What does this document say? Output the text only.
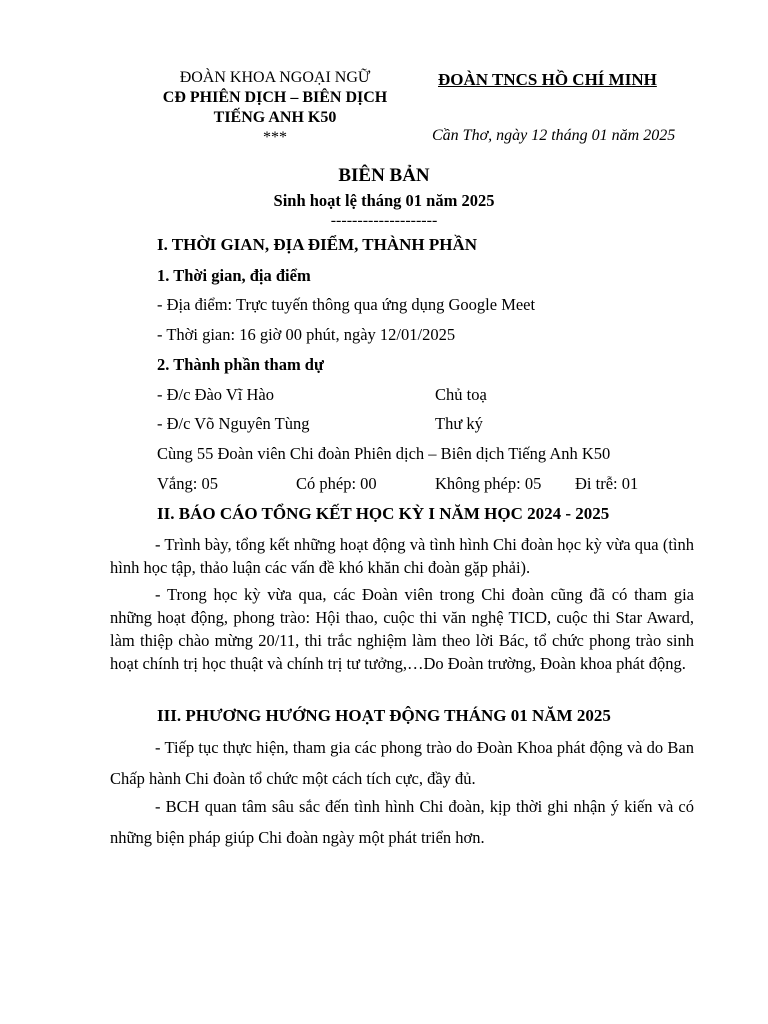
ĐOÀN KHOA NGOẠI NGỮ
CĐ PHIÊN DỊCH – BIÊN DỊCH
TIẾNG ANH K50
***
ĐOÀN TNCS HỒ CHÍ MINH
Cần Thơ, ngày 12 tháng 01 năm 2025
BIÊN BẢN
Sinh hoạt lệ tháng 01 năm 2025
--------------------
I. THỜI GIAN, ĐỊA ĐIỂM, THÀNH PHẦN
1. Thời gian, địa điểm
- Địa điểm: Trực tuyến thông qua ứng dụng Google Meet
- Thời gian: 16 giờ 00 phút, ngày 12/01/2025
2. Thành phần tham dự
- Đ/c Đào Vĩ Hào	Chủ toạ
- Đ/c Võ Nguyên Tùng	Thư ký
Cùng 55 Đoàn viên Chi đoàn Phiên dịch – Biên dịch Tiếng Anh K50
Vắng: 05	Có phép: 00	Không phép: 05 Đi trễ: 01
II. BÁO CÁO TỔNG KẾT HỌC KỲ I NĂM HỌC 2024 - 2025
- Trình bày, tổng kết những hoạt động và tình hình Chi đoàn học kỳ vừa qua (tình hình học tập, thảo luận các vấn đề khó khăn chi đoàn gặp phải).
- Trong học kỳ vừa qua, các Đoàn viên trong Chi đoàn cũng đã có tham gia những hoạt động, phong trào: Hội thao, cuộc thi văn nghệ TICD, cuộc thi Star Award, làm thiệp chào mừng 20/11, thi trắc nghiệm làm theo lời Bác, tổ chức phong trào sinh hoạt chính trị học thuật và chính trị tư tưởng,…Do Đoàn trường, Đoàn khoa phát động.
III. PHƯƠNG HƯỚNG HOẠT ĐỘNG THÁNG 01 NĂM 2025
- Tiếp tục thực hiện, tham gia các phong trào do Đoàn Khoa phát động và do Ban Chấp hành Chi đoàn tổ chức một cách tích cực, đầy đủ.
- BCH quan tâm sâu sắc đến tình hình Chi đoàn, kịp thời ghi nhận ý kiến và có những biện pháp giúp Chi đoàn ngày một phát triển hơn.
